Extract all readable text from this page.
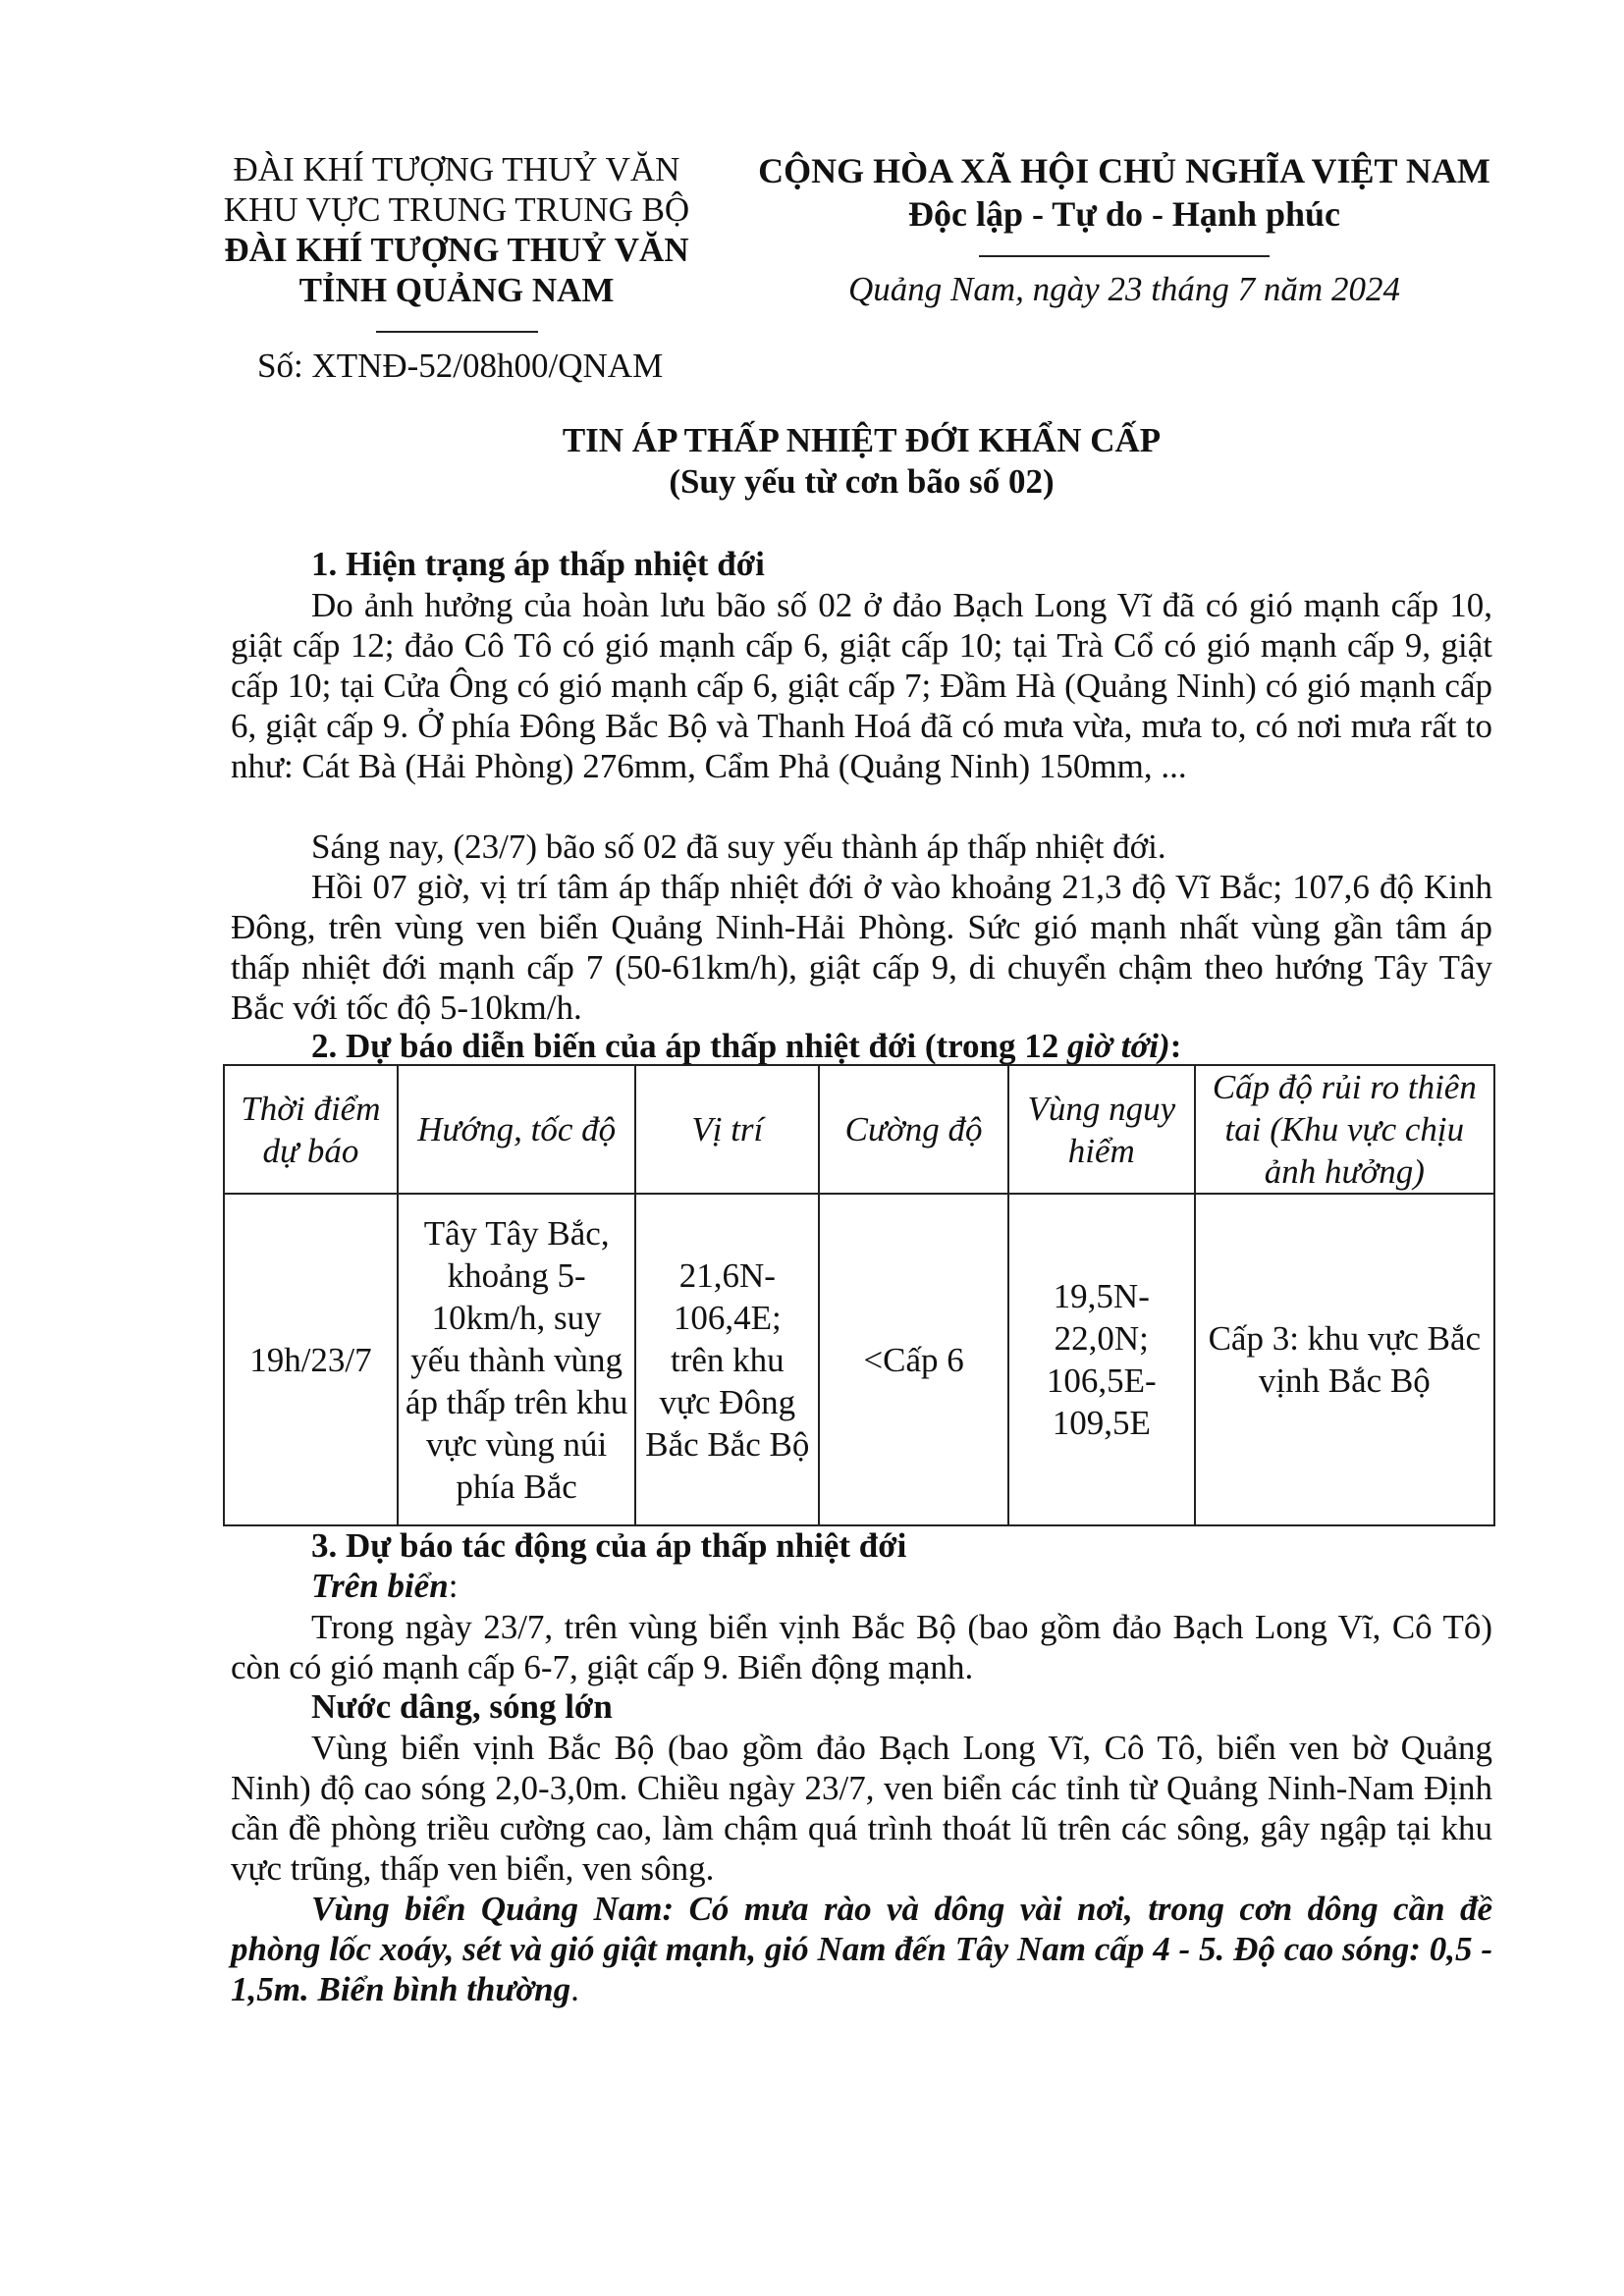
ĐÀI KHÍ TƯỢNG THUỶ VĂN
KHU VỰC TRUNG TRUNG BỘ
ĐÀI KHÍ TƯỢNG THUỶ VĂN
TỈNH QUẢNG NAM
Số: XTNĐ-52/08h00/QNAM
CỘNG HÒA XÃ HỘI CHỦ NGHĨA VIỆT NAM
Độc lập - Tự do - Hạnh phúc
Quảng Nam, ngày 23 tháng 7 năm 2024
TIN ÁP THẤP NHIỆT ĐỚI KHẨN CẤP
(Suy yếu từ cơn bão số 02)
1. Hiện trạng áp thấp nhiệt đới
Do ảnh hưởng của hoàn lưu bão số 02 ở đảo Bạch Long Vĩ đã có gió mạnh cấp 10, giật cấp 12; đảo Cô Tô có gió mạnh cấp 6, giật cấp 10; tại Trà Cổ có gió mạnh cấp 9, giật cấp 10; tại Cửa Ông có gió mạnh cấp 6, giật cấp 7; Đầm Hà (Quảng Ninh) có gió mạnh cấp 6, giật cấp 9. Ở phía Đông Bắc Bộ và Thanh Hoá đã có mưa vừa, mưa to, có nơi mưa rất to như: Cát Bà (Hải Phòng) 276mm, Cẩm Phả (Quảng Ninh) 150mm, ...
Sáng nay, (23/7) bão số 02 đã suy yếu thành áp thấp nhiệt đới.
Hồi 07 giờ, vị trí tâm áp thấp nhiệt đới ở vào khoảng 21,3 độ Vĩ Bắc; 107,6 độ Kinh Đông, trên vùng ven biển Quảng Ninh-Hải Phòng. Sức gió mạnh nhất vùng gần tâm áp thấp nhiệt đới mạnh cấp 7 (50-61km/h), giật cấp 9, di chuyển chậm theo hướng Tây Tây Bắc với tốc độ 5-10km/h.
2. Dự báo diễn biến của áp thấp nhiệt đới (trong 12 giờ tới):
Thời điểm dự báo	Hướng, tốc độ	Vị trí	Cường độ	Vùng nguy hiểm	Cấp độ rủi ro thiên tai (Khu vực chịu ảnh hưởng)
19h/23/7	Tây Tây Bắc, khoảng 5-10km/h, suy yếu thành vùng áp thấp trên khu vực vùng núi phía Bắc	21,6N-106,4E; trên khu vực Đông Bắc Bắc Bộ	<Cấp 6	19,5N-22,0N; 106,5E-109,5E	Cấp 3: khu vực Bắc vịnh Bắc Bộ
3. Dự báo tác động của áp thấp nhiệt đới
Trên biển:
Trong ngày 23/7, trên vùng biển vịnh Bắc Bộ (bao gồm đảo Bạch Long Vĩ, Cô Tô) còn có gió mạnh cấp 6-7, giật cấp 9. Biển động mạnh.
Nước dâng, sóng lớn
Vùng biển vịnh Bắc Bộ (bao gồm đảo Bạch Long Vĩ, Cô Tô, biển ven bờ Quảng Ninh) độ cao sóng 2,0-3,0m. Chiều ngày 23/7, ven biển các tỉnh từ Quảng Ninh-Nam Định cần đề phòng triều cường cao, làm chậm quá trình thoát lũ trên các sông, gây ngập tại khu vực trũng, thấp ven biển, ven sông.
Vùng biển Quảng Nam: Có mưa rào và dông vài nơi, trong cơn dông cần đề phòng lốc xoáy, sét và gió giật mạnh, gió Nam đến Tây Nam cấp 4 - 5. Độ cao sóng: 0,5 - 1,5m. Biển bình thường.
